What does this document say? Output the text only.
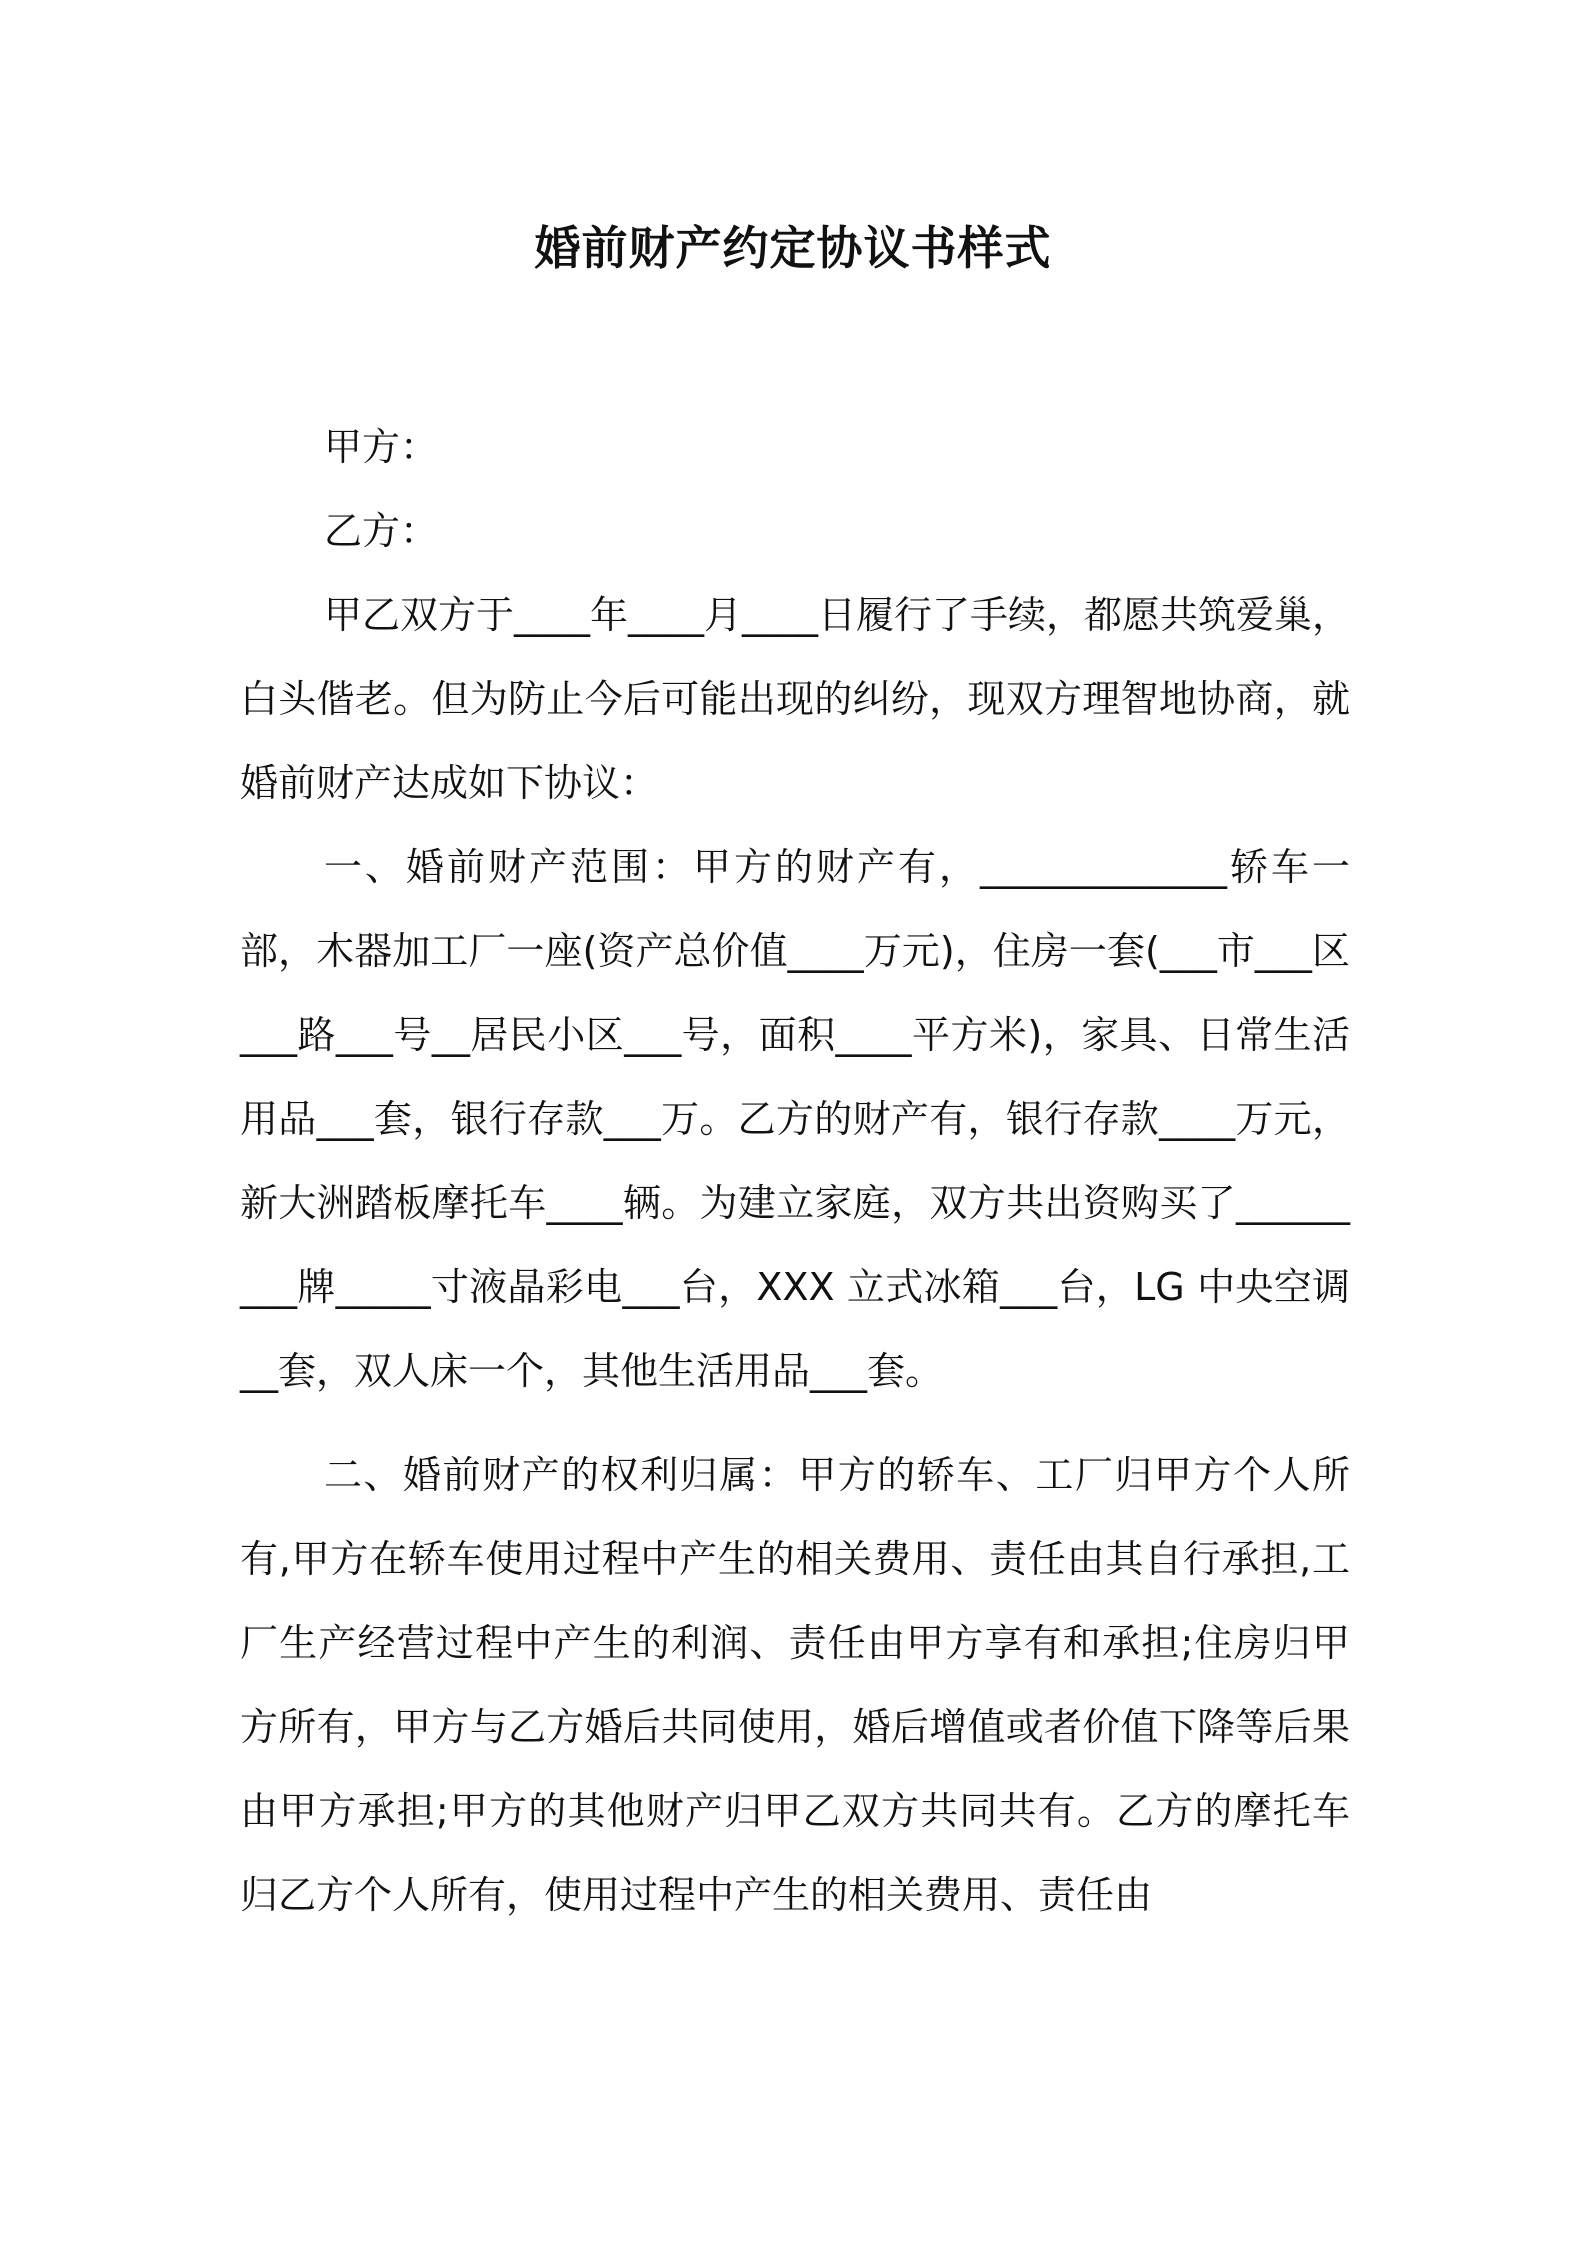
婚前财产约定协议书样式

甲方：

乙方：

甲乙双方于____年____月____日履行了手续，都愿共筑爱巢，白头偕老。但为防止今后可能出现的纠纷，现双方理智地协商，就婚前财产达成如下协议：

一、婚前财产范围：甲方的财产有，_____________轿车一部，木器加工厂一座(资产总价值____万元)，住房一套(___市___区___路___号__居民小区___号，面积____平方米)，家具、日常生活用品___套，银行存款___万。乙方的财产有，银行存款____万元，新大洲踏板摩托车____辆。为建立家庭，双方共出资购买了_________牌_____寸液晶彩电___台，XXX 立式冰箱___台，LG 中央空调__套，双人床一个，其他生活用品___套。

二、婚前财产的权利归属：甲方的轿车、工厂归甲方个人所有,甲方在轿车使用过程中产生的相关费用、责任由其自行承担,工厂生产经营过程中产生的利润、责任由甲方享有和承担;住房归甲方所有，甲方与乙方婚后共同使用，婚后增值或者价值下降等后果由甲方承担;甲方的其他财产归甲乙双方共同共有。乙方的摩托车归乙方个人所有，使用过程中产生的相关费用、责任由
